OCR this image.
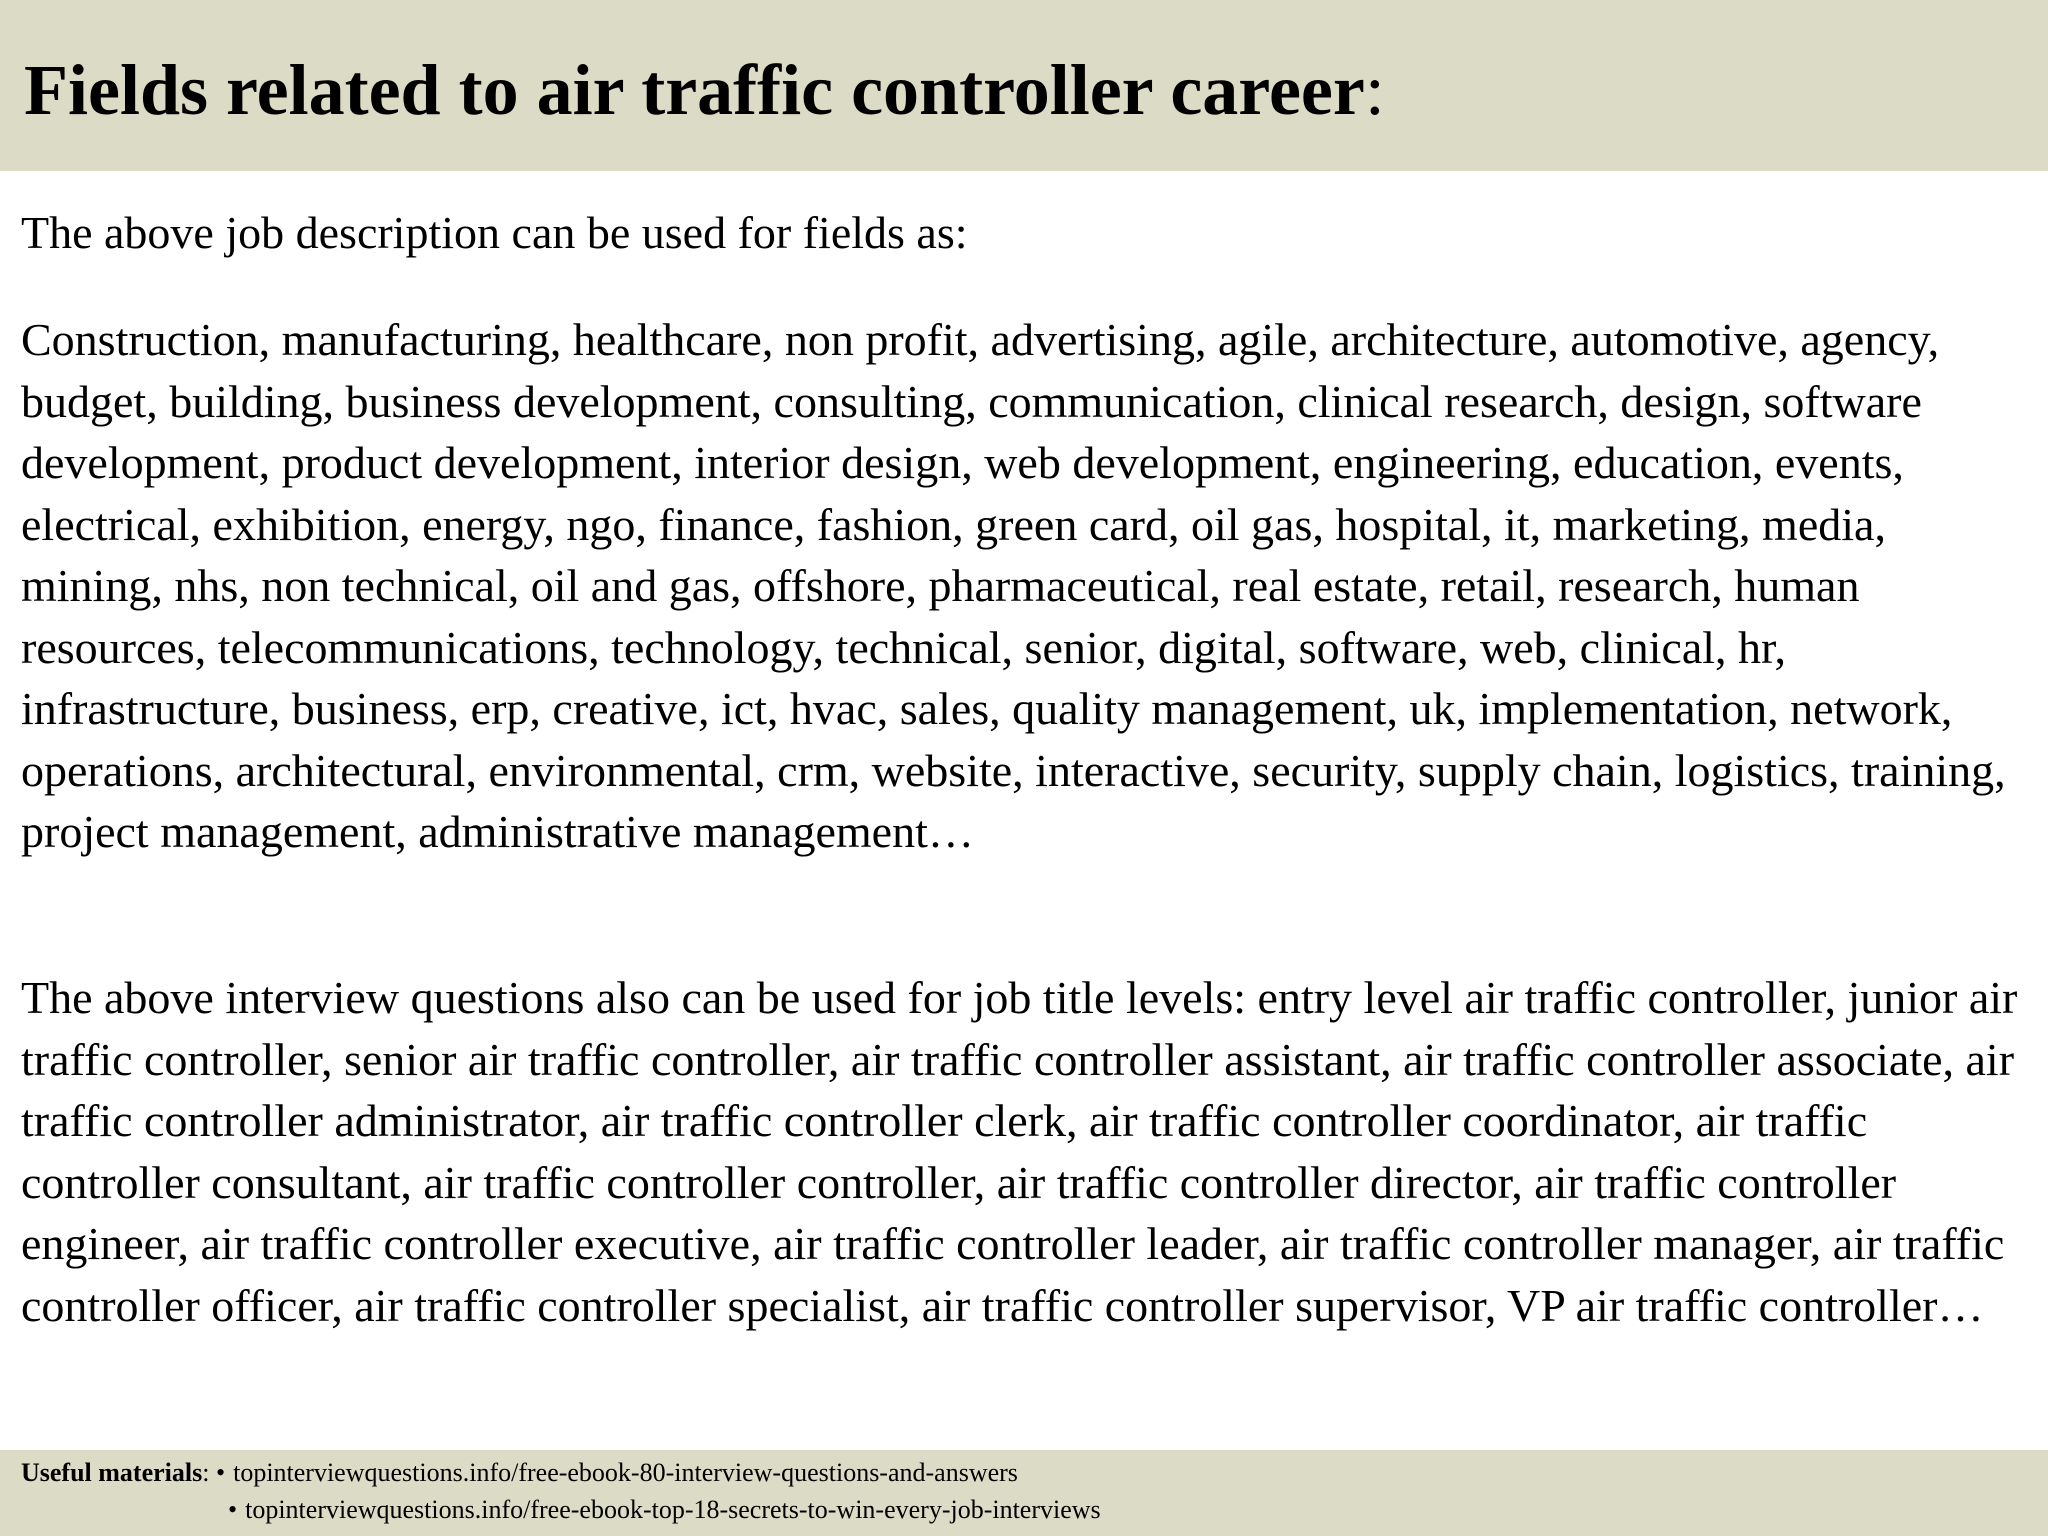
Fields related to air traffic controller career:

The above job description can be used for fields as:

Construction, manufacturing, healthcare, non profit, advertising, agile, architecture, automotive, agency, budget, building, business development, consulting, communication, clinical research, design, software development, product development, interior design, web development, engineering, education, events, electrical, exhibition, energy, ngo, finance, fashion, green card, oil gas, hospital, it, marketing, media, mining, nhs, non technical, oil and gas, offshore, pharmaceutical, real estate, retail, research, human resources, telecommunications, technology, technical, senior, digital, software, web, clinical, hr, infrastructure, business, erp, creative, ict, hvac, sales, quality management, uk, implementation, network, operations, architectural, environmental, crm, website, interactive, security, supply chain, logistics, training, project management, administrative management…

The above interview questions also can be used for job title levels: entry level air traffic controller, junior air traffic controller, senior air traffic controller, air traffic controller assistant, air traffic controller associate, air traffic controller administrator, air traffic controller clerk, air traffic controller coordinator, air traffic controller consultant, air traffic controller controller, air traffic controller director, air traffic controller engineer, air traffic controller executive, air traffic controller leader, air traffic controller manager, air traffic controller officer, air traffic controller specialist, air traffic controller supervisor, VP air traffic controller…

Useful materials: • topinterviewquestions.info/free-ebook-80-interview-questions-and-answers
• topinterviewquestions.info/free-ebook-top-18-secrets-to-win-every-job-interviews
